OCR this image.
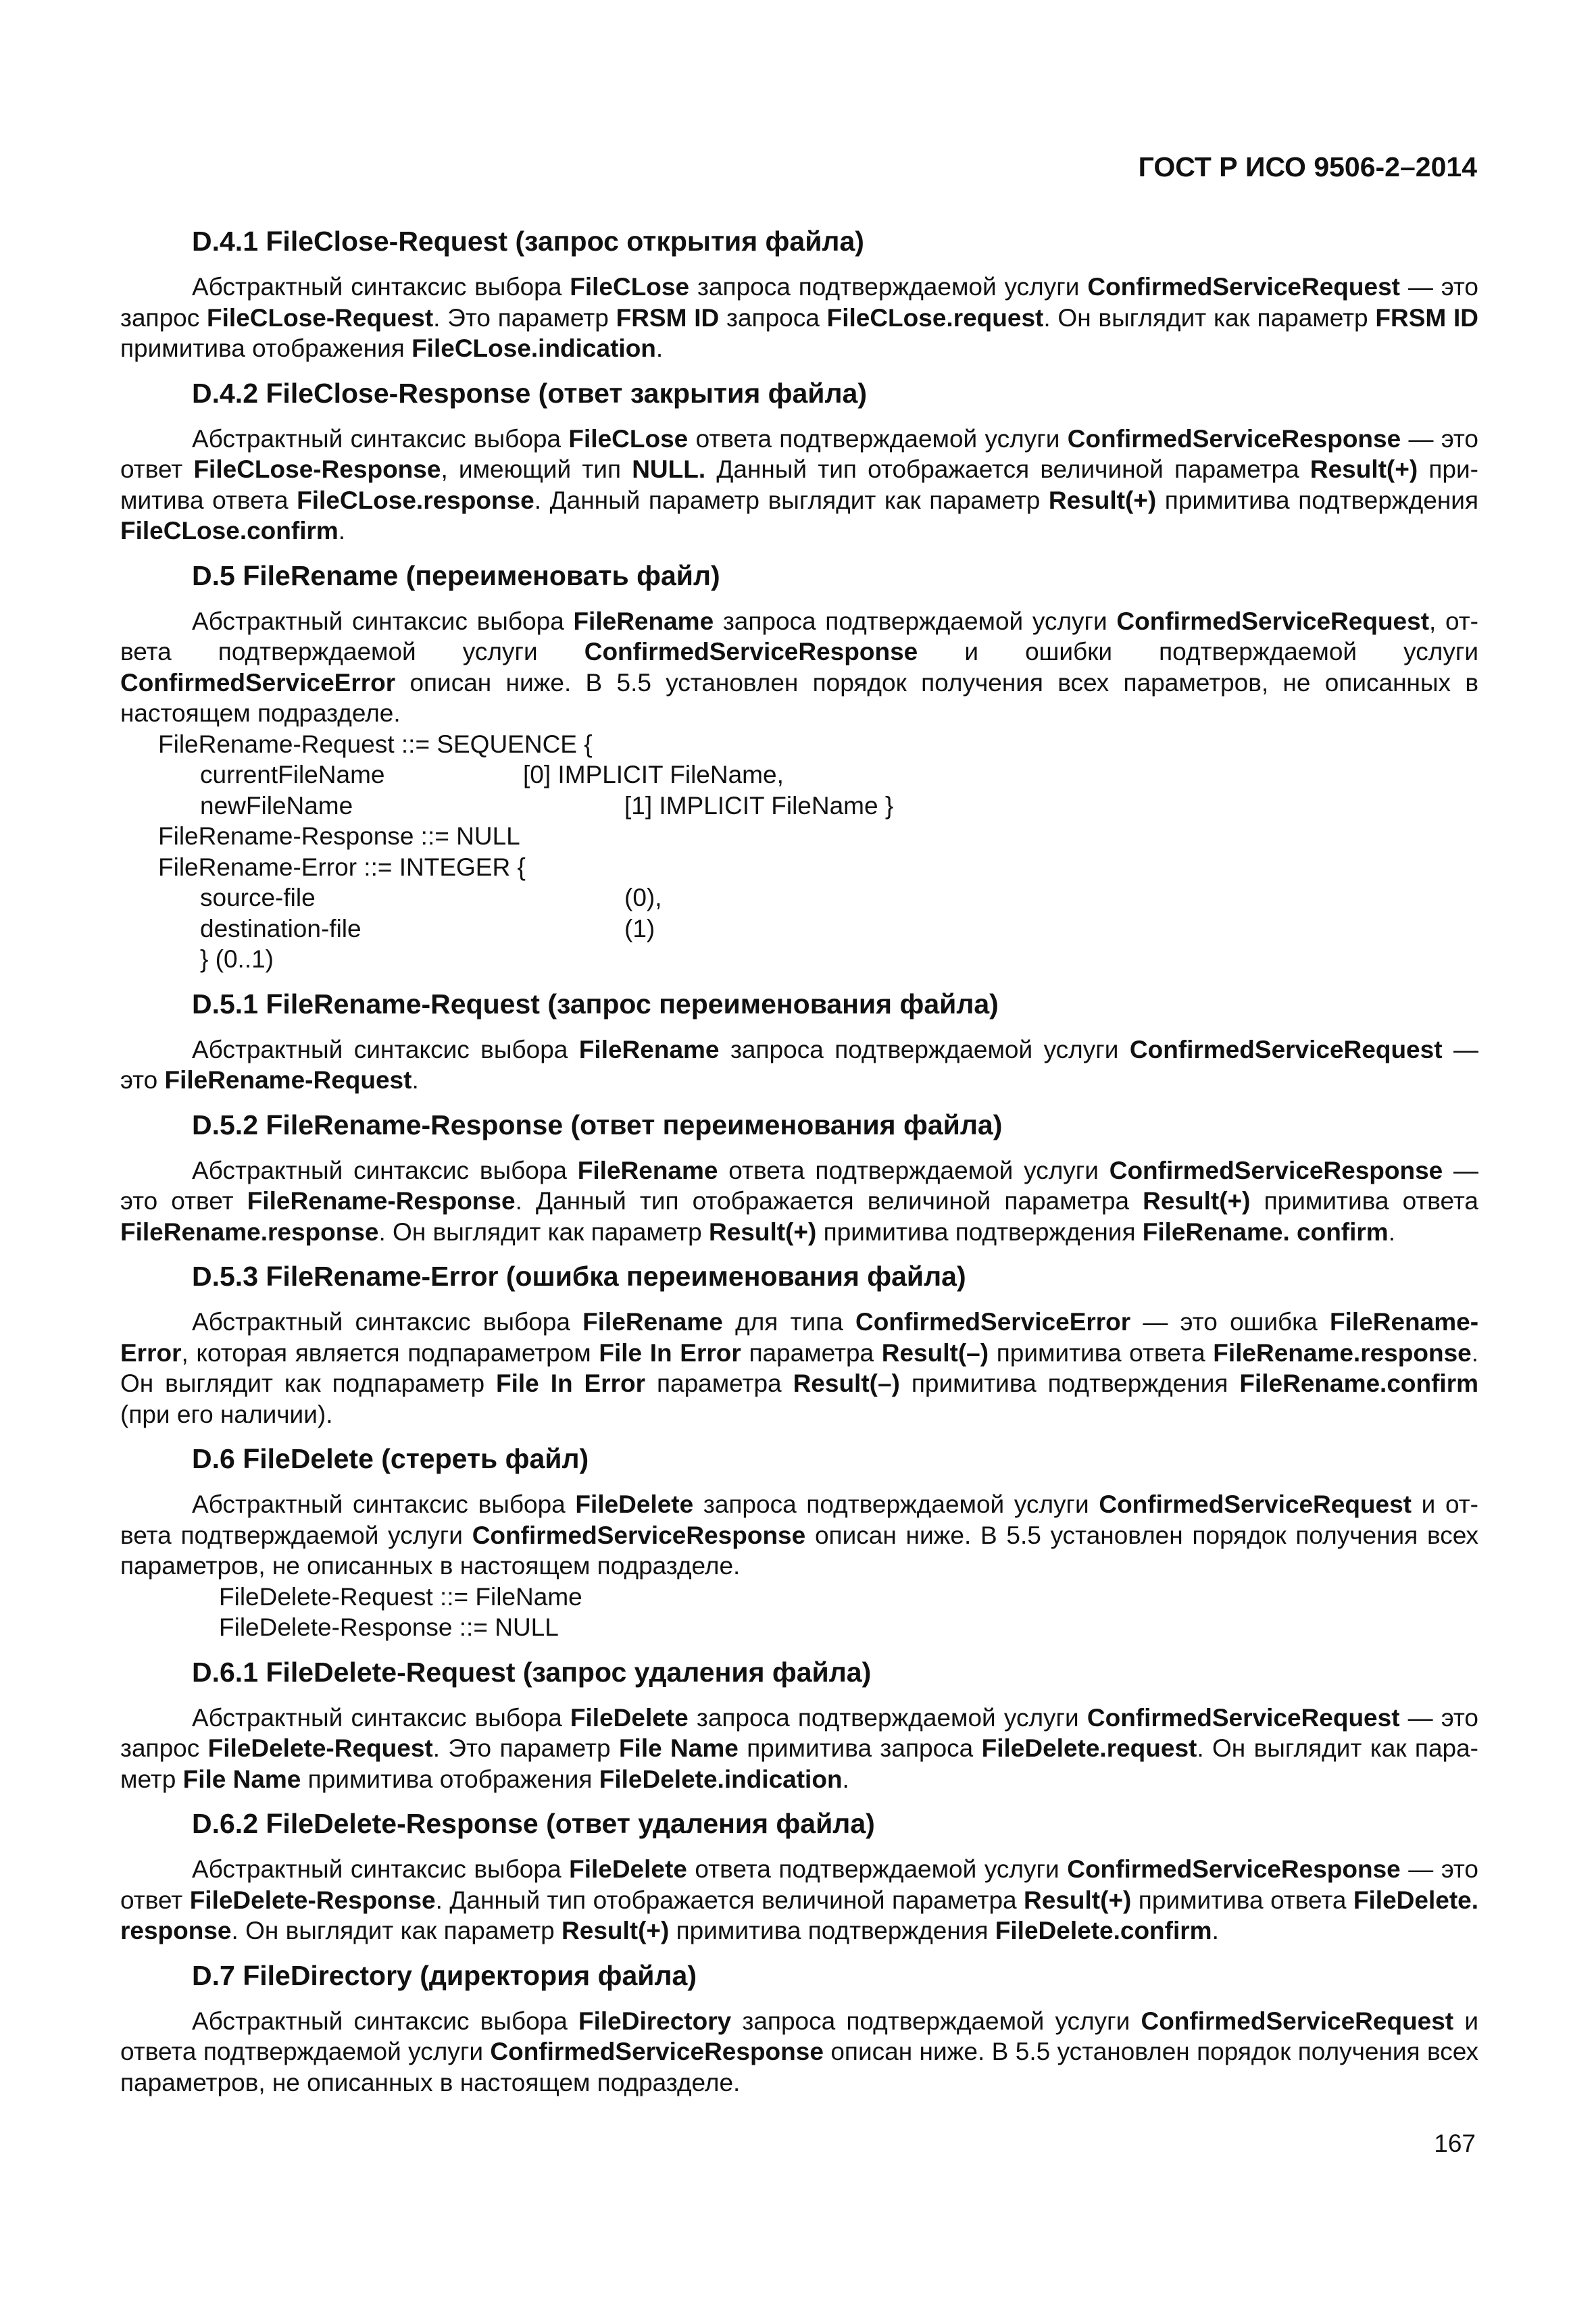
ГОСТ Р ИСО 9506-2–2014
D.4.1 FileClose-Request (запрос открытия файла)

Абстрактный синтаксис выбора FileCLose запроса подтверждаемой услуги ConfirmedServiceRequest — это запрос FileCLose-Request. Это параметр FRSM ID запроса FileCLose.request. Он выглядит как параметр FRSM ID примитива отображения FileCLose.indication.

D.4.2 FileClose-Response (ответ закрытия файла)

Абстрактный синтаксис выбора FileCLose ответа подтверждаемой услуги ConfirmedServiceResponse — это ответ FileCLose-Response, имеющий тип NULL. Данный тип отображается величиной параметра Result(+) при-митива ответа FileCLose.response. Данный параметр выглядит как параметр Result(+) примитива подтверждения FileCLose.confirm.

D.5 FileRename (переименовать файл)

Абстрактный синтаксис выбора FileRename запроса подтверждаемой услуги ConfirmedServiceRequest, от-вета подтверждаемой услуги ConfirmedServiceResponse и ошибки подтверждаемой услуги ConfirmedServiceError описан ниже. В 5.5 установлен порядок получения всех параметров, не описанных в настоящем подразделе.

FileRename-Request ::= SEQUENCE {
currentFileName	[0] IMPLICIT FileName,
newFileName	[1] IMPLICIT FileName }
FileRename-Response ::= NULL
FileRename-Error ::= INTEGER {
source-file	(0),
destination-file	(1)
} (0..1)
D.5.1 FileRename-Request (запрос переименования файла)

Абстрактный синтаксис выбора FileRename запроса подтверждаемой услуги ConfirmedServiceRequest — это FileRename-Request.

D.5.2 FileRename-Response (ответ переименования файла)

Абстрактный синтаксис выбора FileRename ответа подтверждаемой услуги ConfirmedServiceResponse — это ответ FileRename-Response. Данный тип отображается величиной параметра Result(+) примитива ответа FileRename.response. Он выглядит как параметр Result(+) примитива подтверждения FileRename. confirm.

D.5.3 FileRename-Error (ошибка переименования файла)

Абстрактный синтаксис выбора FileRename для типа ConfirmedServiceError — это ошибка FileRename-Error, которая является подпараметром File In Error параметра Result(–) примитива ответа FileRename.response. Он выглядит как подпараметр File In Error параметра Result(–) примитива подтверждения FileRename.confirm (при его наличии).

D.6 FileDelete (стереть файл)

Абстрактный синтаксис выбора FileDelete запроса подтверждаемой услуги ConfirmedServiceRequest и от-вета подтверждаемой услуги ConfirmedServiceResponse описан ниже. В 5.5 установлен порядок получения всех параметров, не описанных в настоящем подразделе.

FileDelete-Request ::= FileName
FileDelete-Response ::= NULL
D.6.1 FileDelete-Request (запрос удаления файла)

Абстрактный синтаксис выбора FileDelete запроса подтверждаемой услуги ConfirmedServiceRequest — это запрос FileDelete-Request. Это параметр File Name примитива запроса FileDelete.request. Он выглядит как пара-метр File Name примитива отображения FileDelete.indication.

D.6.2 FileDelete-Response (ответ удаления файла)

Абстрактный синтаксис выбора FileDelete ответа подтверждаемой услуги ConfirmedServiceResponse — это ответ FileDelete-Response. Данный тип отображается величиной параметра Result(+) примитива ответа FileDelete. response. Он выглядит как параметр Result(+) примитива подтверждения FileDelete.confirm.

D.7 FileDirectory (директория файла)

Абстрактный синтаксис выбора FileDirectory запроса подтверждаемой услуги ConfirmedServiceRequest и ответа подтверждаемой услуги ConfirmedServiceResponse описан ниже. В 5.5 установлен порядок получения всех параметров, не описанных в настоящем подразделе.

167
